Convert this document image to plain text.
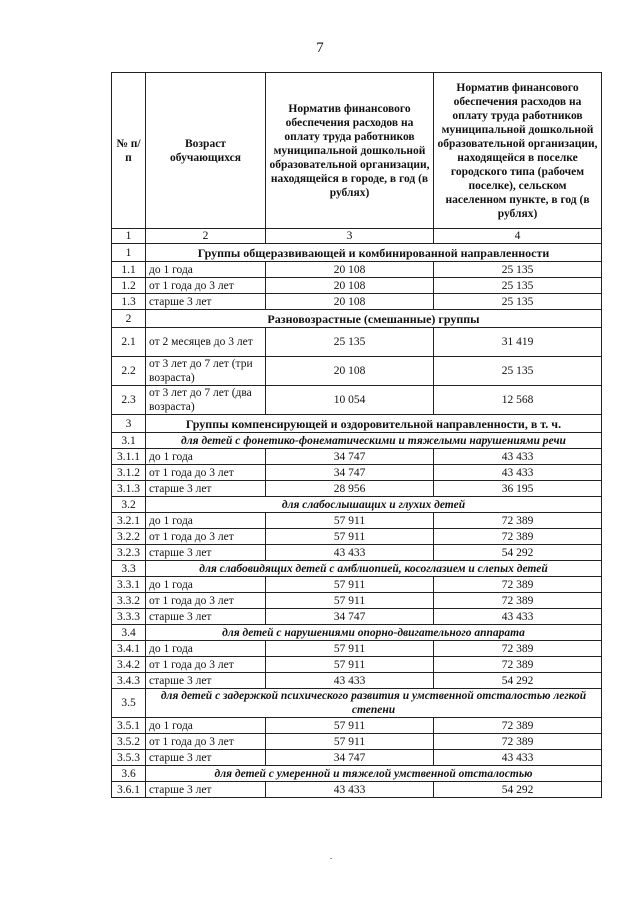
7
№ п/п	Возраст обучающихся	Норматив финансового обеспечения расходов на оплату труда работников муниципальной дошкольной образовательной организации, находящейся в городе, в год (в рублях)	Норматив финансового обеспечения расходов на оплату труда работников муниципальной дошкольной образовательной организации, находящейся в поселке городского типа (рабочем поселке), сельском населенном пункте, в год (в рублях)
1	2	3	4
1	Группы общеразвивающей и комбинированной направленности		
1.1	до 1 года	20 108	25 135
1.2	от 1 года до 3 лет	20 108	25 135
1.3	старше 3 лет	20 108	25 135
2	Разновозрастные (смешанные) группы		
2.1	от 2 месяцев до 3 лет	25 135	31 419
2.2	от 3 лет до 7 лет (три возраста)	20 108	25 135
2.3	от 3 лет до 7 лет (два возраста)	10 054	12 568
3	Группы компенсирующей и оздоровительной направленности, в т. ч.		
3.1	для детей с фонетико-фонематическими и тяжелыми нарушениями речи		
3.1.1	до 1 года	34 747	43 433
3.1.2	от 1 года до 3 лет	34 747	43 433
3.1.3	старше 3 лет	28 956	36 195
3.2	для слабослышащих и глухих детей		
3.2.1	до 1 года	57 911	72 389
3.2.2	от 1 года до 3 лет	57 911	72 389
3.2.3	старше 3 лет	43 433	54 292
3.3	для слабовидящих детей с амблиопией, косоглазием и слепых детей		
3.3.1	до 1 года	57 911	72 389
3.3.2	от 1 года до 3 лет	57 911	72 389
3.3.3	старше 3 лет	34 747	43 433
3.4	для детей с нарушениями опорно-двигательного аппарата		
3.4.1	до 1 года	57 911	72 389
3.4.2	от 1 года до 3 лет	57 911	72 389
3.4.3	старше 3 лет	43 433	54 292
3.5	для детей с задержкой психического развития и умственной отсталостью легкой степени		
3.5.1	до 1 года	57 911	72 389
3.5.2	от 1 года до 3 лет	57 911	72 389
3.5.3	старше 3 лет	34 747	43 433
3.6	для детей с умеренной и тяжелой умственной отсталостью		
3.6.1	старше 3 лет	43 433	54 292
